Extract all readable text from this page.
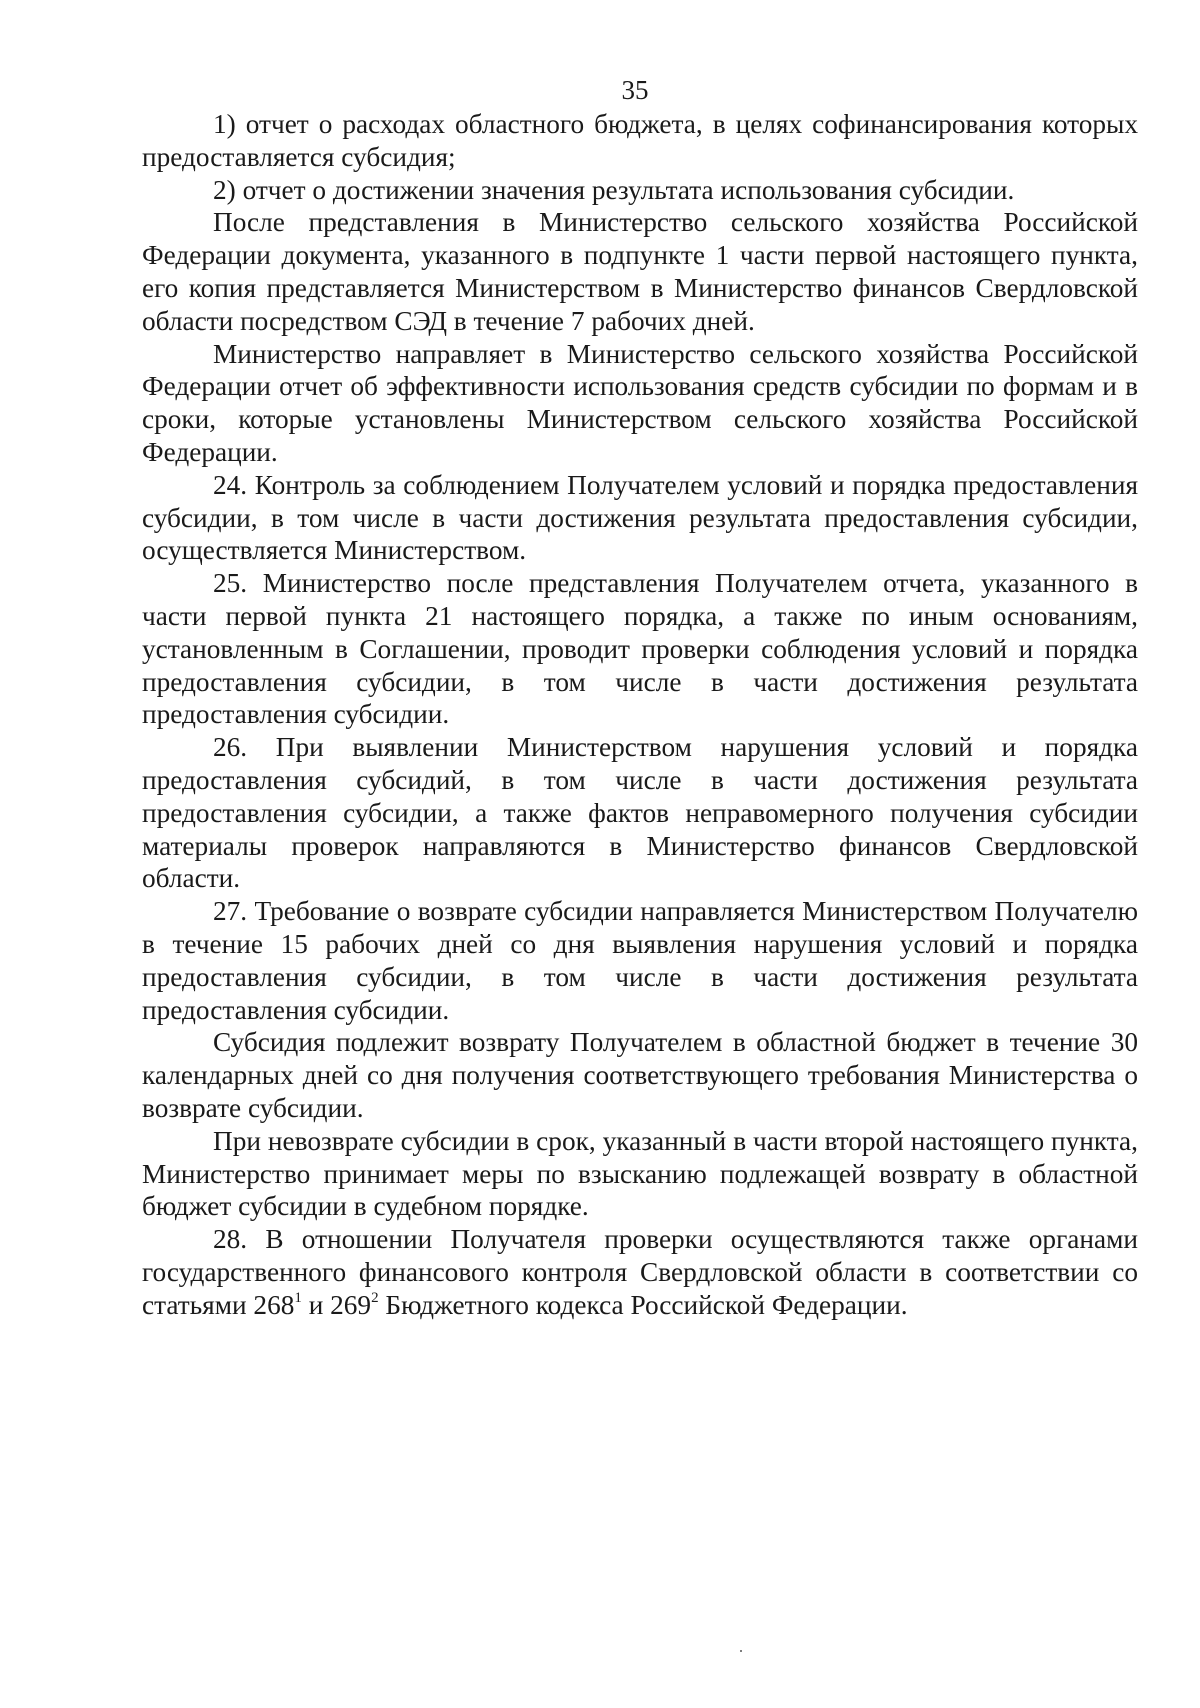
35

1) отчет о расходах областного бюджета, в целях софинансирования которых предоставляется субсидия;

2) отчет о достижении значения результата использования субсидии.

После представления в Министерство сельского хозяйства Российской Федерации документа, указанного в подпункте 1 части первой настоящего пункта, его копия представляется Министерством в Министерство финансов Свердловской области посредством СЭД в течение 7 рабочих дней.

Министерство направляет в Министерство сельского хозяйства Российской Федерации отчет об эффективности использования средств субсидии по формам и в сроки, которые установлены Министерством сельского хозяйства Российской Федерации.

24. Контроль за соблюдением Получателем условий и порядка предоставления субсидии, в том числе в части достижения результата предоставления субсидии, осуществляется Министерством.

25. Министерство после представления Получателем отчета, указанного в части первой пункта 21 настоящего порядка, а также по иным основаниям, установленным в Соглашении, проводит проверки соблюдения условий и порядка предоставления субсидии, в том числе в части достижения результата предоставления субсидии.

26. При выявлении Министерством нарушения условий и порядка предоставления субсидий, в том числе в части достижения результата предоставления субсидии, а также фактов неправомерного получения субсидии материалы проверок направляются в Министерство финансов Свердловской области.

27. Требование о возврате субсидии направляется Министерством Получателю в течение 15 рабочих дней со дня выявления нарушения условий и порядка предоставления субсидии, в том числе в части достижения результата предоставления субсидии.

Субсидия подлежит возврату Получателем в областной бюджет в течение 30 календарных дней со дня получения соответствующего требования Министерства о возврате субсидии.

При невозврате субсидии в срок, указанный в части второй настоящего пункта, Министерство принимает меры по взысканию подлежащей возврату в областной бюджет субсидии в судебном порядке.

28. В отношении Получателя проверки осуществляются также органами государственного финансового контроля Свердловской области в соответствии со статьями $268^1$ и $269^2$ Бюджетного кодекса Российской Федерации.
